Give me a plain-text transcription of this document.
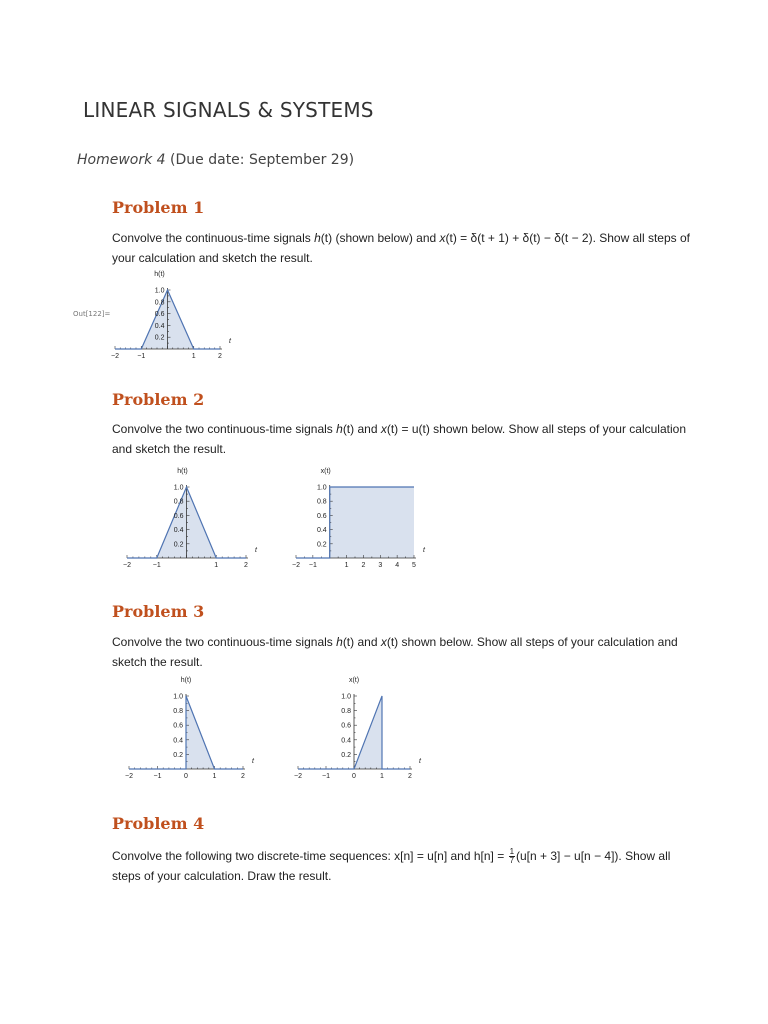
LINEAR SIGNALS & SYSTEMS
Homework 4 (Due date: September 29)
Problem 1
Convolve the continuous-time signals h(t) (shown below) and x(t) = δ(t + 1) + δ(t) − δ(t − 2). Show all steps of your calculation and sketch the result.
Out[122]=
−2	−1	1	2
0.2
0.4
0.6
0.8
1.0
t
h(t)
Problem 2
Convolve the two continuous-time signals h(t) and x(t) = u(t) shown below. Show all steps of your calculation and sketch the result.
−2	−1	1	2
0.2
0.4
0.6
0.8
1.0
t
h(t)
−2 −1	1 2 3 4 5
0.2
0.4
0.6
0.8
1.0
t
x(t)
Problem 3
Convolve the two continuous-time signals h(t) and x(t) shown below. Show all steps of your calculation and sketch the result.
−2	−1	0	1	2
0.2
0.4
0.6
0.8
1.0
t
h(t)
−2	−1	0	1	2
0.2
0.4
0.6
0.8
1.0
t
x(t)
Problem 4
Convolve the following two discrete-time sequences: x[n] = u[n] and $h[n] = \frac{1}{7} (u[n + 3] - u[n - 4])$. Show all steps of your calculation. Draw the result.
